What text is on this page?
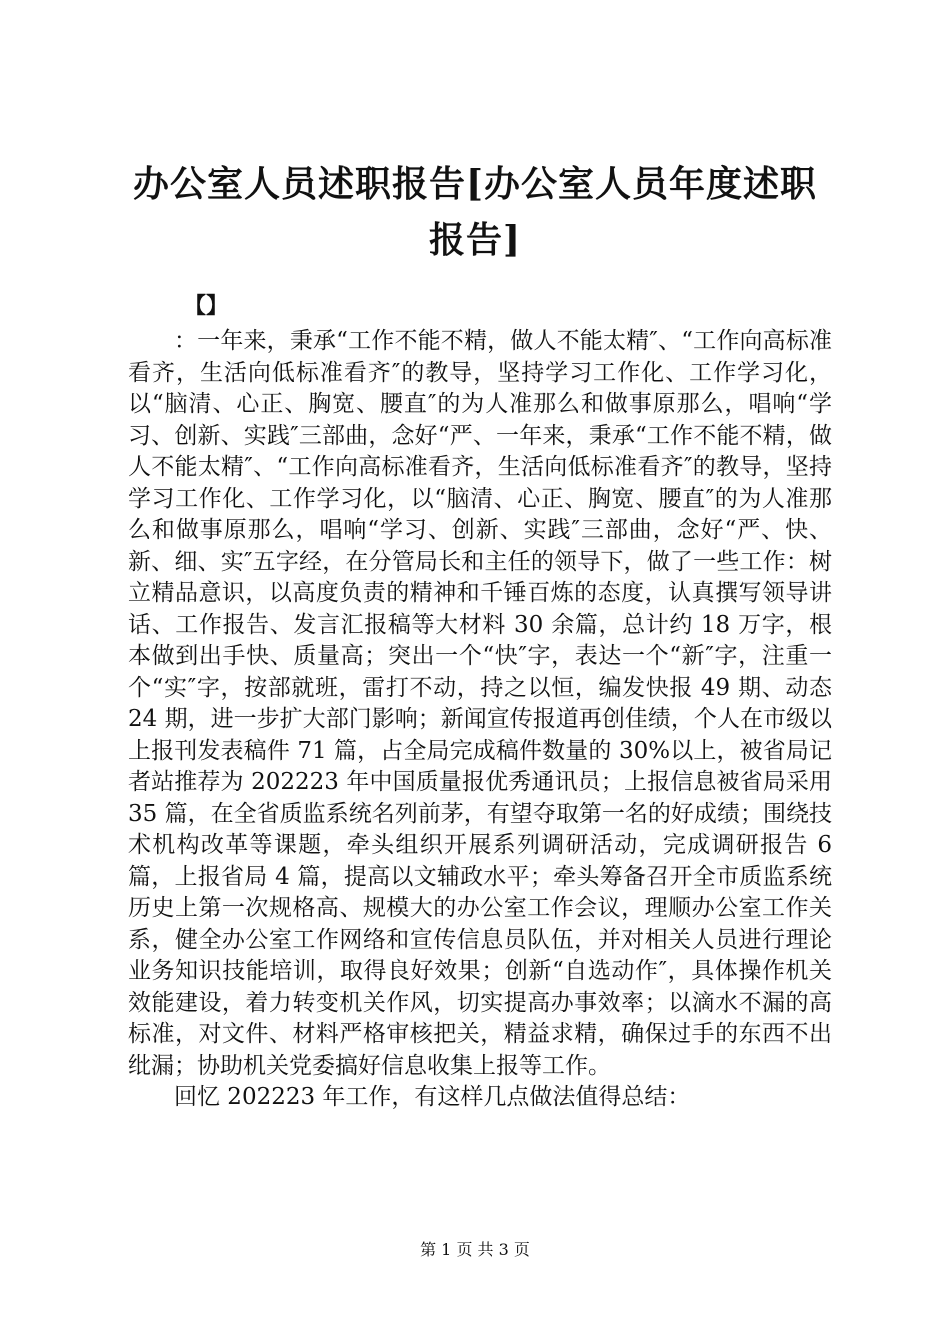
办公室人员述职报告[办公室人员年度述职报告]
【】

：一年来，秉承“工作不能不精，做人不能太精″、“工作向高标准看齐，生活向低标准看齐″的教导，坚持学习工作化、工作学习化，以“脑清、心正、胸宽、腰直″的为人准那么和做事原那么，唱响“学习、创新、实践″三部曲，念好“严、一年来，秉承“工作不能不精，做人不能太精″、“工作向高标准看齐，生活向低标准看齐″的教导，坚持学习工作化、工作学习化，以“脑清、心正、胸宽、腰直″的为人准那么和做事原那么，唱响“学习、创新、实践″三部曲，念好“严、快、新、细、实″五字经，在分管局长和主任的领导下，做了一些工作：树立精品意识，以高度负责的精神和千锤百炼的态度，认真撰写领导讲话、工作报告、发言汇报稿等大材料 30 余篇，总计约 18 万字，根本做到出手快、质量高；突出一个“快″字，表达一个“新″字，注重一个“实″字，按部就班，雷打不动，持之以恒，编发快报 49 期、动态 24 期，进一步扩大部门影响；新闻宣传报道再创佳绩，个人在市级以上报刊发表稿件 71 篇，占全局完成稿件数量的 30%以上，被省局记者站推荐为 202223 年中国质量报优秀通讯员；上报信息被省局采用 35 篇，在全省质监系统名列前茅，有望夺取第一名的好成绩；围绕技术机构改革等课题，牵头组织开展系列调研活动，完成调研报告 6 篇，上报省局 4 篇，提高以文辅政水平；牵头筹备召开全市质监系统历史上第一次规格高、规模大的办公室工作会议，理顺办公室工作关系，健全办公室工作网络和宣传信息员队伍，并对相关人员进行理论业务知识技能培训，取得良好效果；创新“自选动作″，具体操作机关效能建设，着力转变机关作风，切实提高办事效率；以滴水不漏的高标准，对文件、材料严格审核把关，精益求精，确保过手的东西不出纰漏；协助机关党委搞好信息收集上报等工作。

回忆 202223 年工作，有这样几点做法值得总结：

第 1 页 共 3 页
